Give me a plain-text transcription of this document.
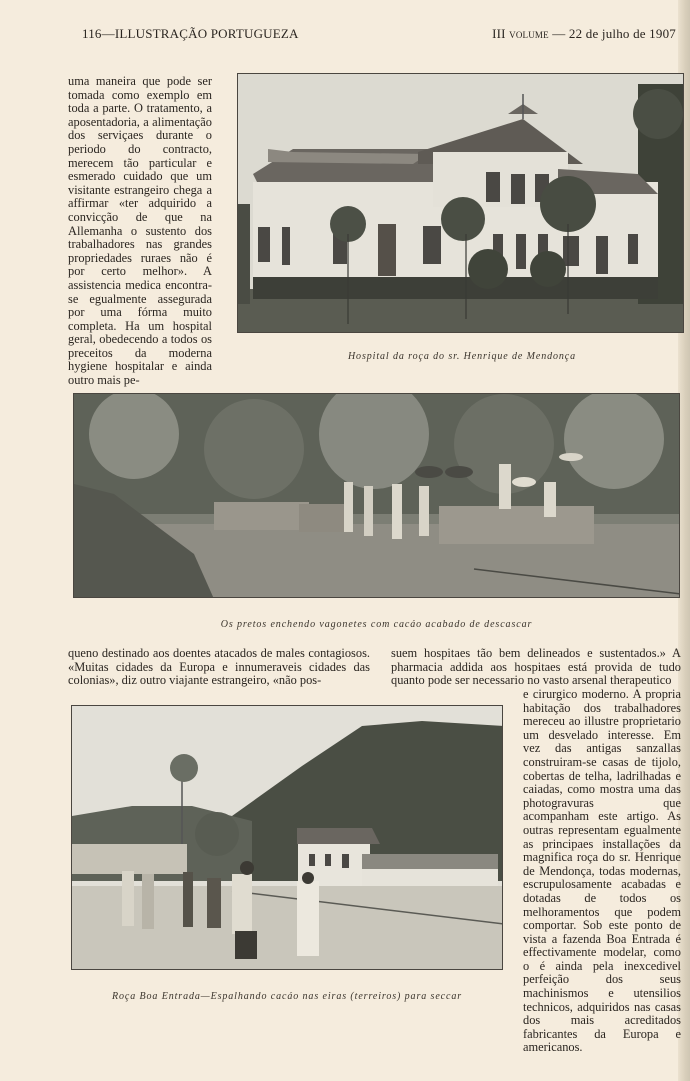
116—ILLUSTRAÇÃO PORTUGUEZA	III volume — 22 de julho de 1907

uma maneira que pode ser tomada como exemplo em toda a parte. O tratamento, a aposentadoria, a alimentação dos serviçaes durante o periodo do contracto, merecem tão particular e esmerado cuidado que um visitante estrangeiro chega a affirmar «ter adquirido a convicção de que na Allemanha o sustento dos trabalhadores nas grandes propriedades ruraes não é por certo melhor». A assistencia medica encontra-se egualmente assegurada por uma fórma muito completa. Ha um hospital geral, obedecendo a todos os preceitos da moderna hygiene hospitalar e ainda outro mais pe-

Hospital da roça do sr. Henrique de Mendonça
Os pretos enchendo vagonetes com cacáo acabado de descascar

queno destinado aos doentes atacados de males contagiosos. «Muitas cidades da Europa e innumeraveis cidades das colonias», diz outro viajante estrangeiro, «não pos-

suem hospitaes tão bem delineados e sustentados.» A pharmacia addida aos hospitaes está provida de tudo quanto pode ser necessario no vasto arsenal therapeutico

Roça Boa Entrada—Espalhando cacáo nas eiras (terreiros) para seccar

e cirurgico moderno. A propria habitação dos trabalhadores mereceu ao illustre proprietario um desvelado interesse. Em vez das antigas sanzallas construiram-se casas de tijolo, cobertas de telha, ladrilhadas e caiadas, como mostra uma das photogravuras que acompanham este artigo. As outras representam egualmente as principaes installações da magnifica roça do sr. Henrique de Mendonça, todas modernas, escrupulosamente acabadas e dotadas de todos os melhoramentos que podem comportar. Sob este ponto de vista a fazenda Boa Entrada é effectivamente modelar, como o é ainda pela inexcedivel perfeição dos seus machinismos e utensilios technicos, adquiridos nas casas dos mais acreditados fabricantes da Europa e americanos.
